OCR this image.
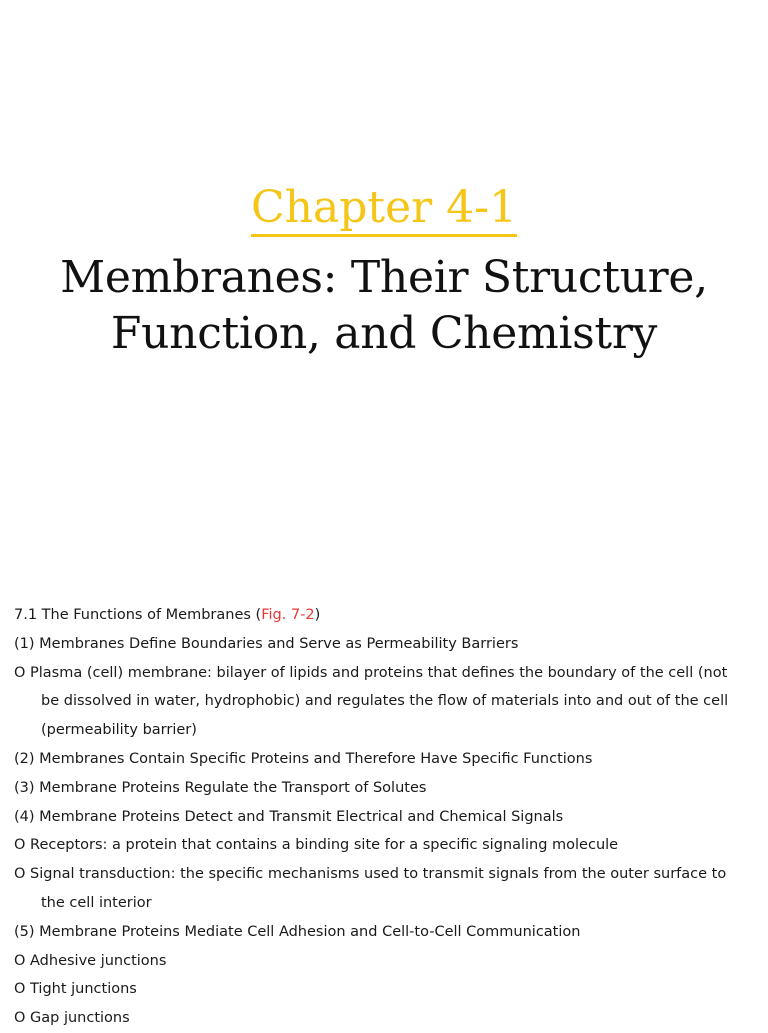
Chapter 4-1
Membranes: Their Structure,
Function, and Chemistry
7.1 The Functions of Membranes (Fig. 7-2)
(1) Membranes Define Boundaries and Serve as Permeability Barriers
O Plasma (cell) membrane: bilayer of lipids and proteins that defines the boundary of the cell (not
be dissolved in water, hydrophobic) and regulates the flow of materials into and out of the cell
(permeability barrier)
(2) Membranes Contain Specific Proteins and Therefore Have Specific Functions
(3) Membrane Proteins Regulate the Transport of Solutes
(4) Membrane Proteins Detect and Transmit Electrical and Chemical Signals
O Receptors: a protein that contains a binding site for a specific signaling molecule
O Signal transduction: the specific mechanisms used to transmit signals from the outer surface to
the cell interior
(5) Membrane Proteins Mediate Cell Adhesion and Cell-to-Cell Communication
O Adhesive junctions
O Tight junctions
O Gap junctions
